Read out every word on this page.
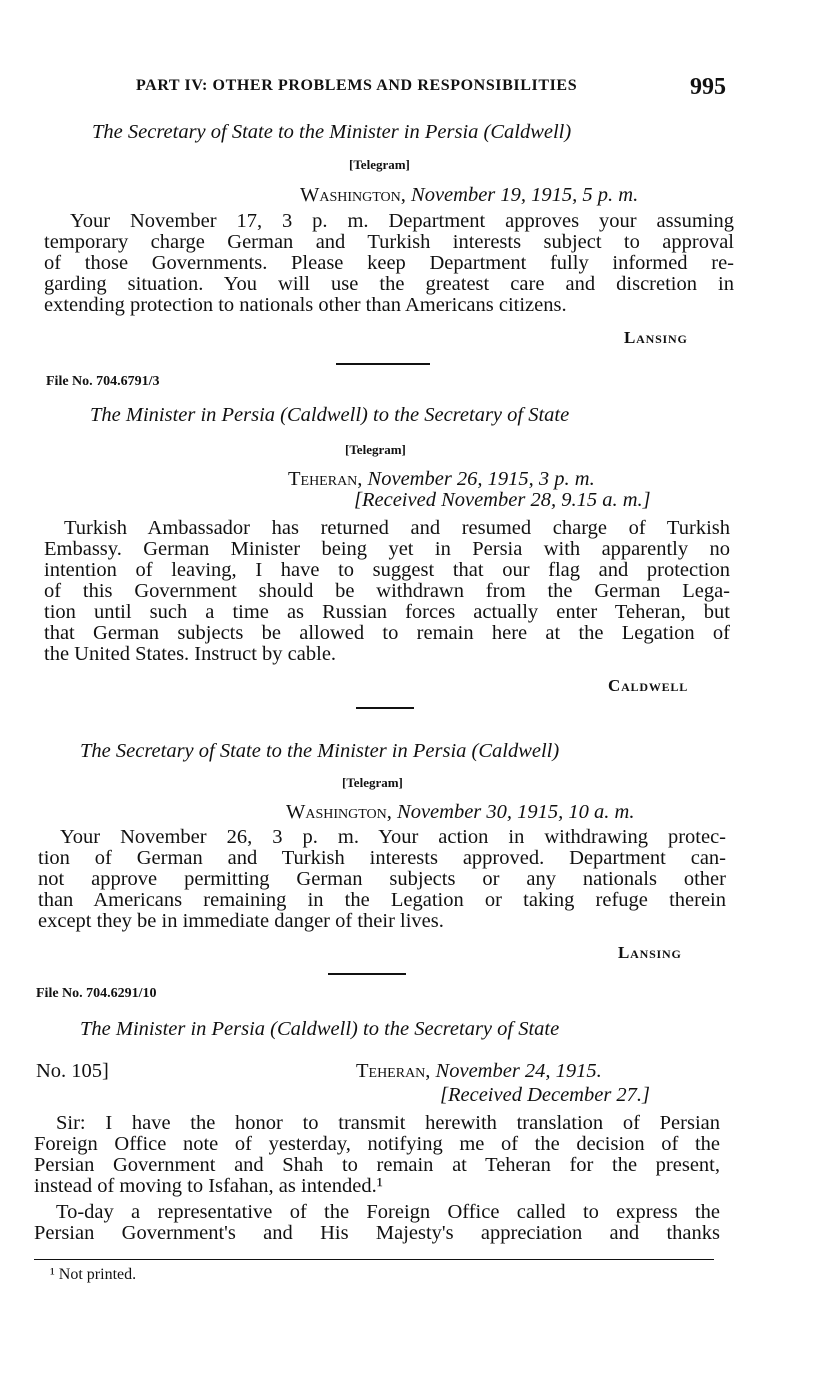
PART IV: OTHER PROBLEMS AND RESPONSIBILITIES	995
The Secretary of State to the Minister in Persia (Caldwell)
[Telegram]
Washington, November 19, 1915, 5 p. m.
Your November 17, 3 p. m. Department approves your assuming
temporary charge German and Turkish interests subject to approval
of those Governments. Please keep Department fully informed re-
garding situation. You will use the greatest care and discretion in
extending protection to nationals other than Americans citizens.
Lansing
File No. 704.6791/3
The Minister in Persia (Caldwell) to the Secretary of State
[Telegram]
Teheran, November 26, 1915, 3 p. m.
[Received November 28, 9.15 a. m.]
Turkish Ambassador has returned and resumed charge of Turkish
Embassy. German Minister being yet in Persia with apparently no
intention of leaving, I have to suggest that our flag and protection
of this Government should be withdrawn from the German Lega-
tion until such a time as Russian forces actually enter Teheran, but
that German subjects be allowed to remain here at the Legation of
the United States. Instruct by cable.
Caldwell
The Secretary of State to the Minister in Persia (Caldwell)
[Telegram]
Washington, November 30, 1915, 10 a. m.
Your November 26, 3 p. m. Your action in withdrawing protec-
tion of German and Turkish interests approved. Department can-
not approve permitting German subjects or any nationals other
than Americans remaining in the Legation or taking refuge therein
except they be in immediate danger of their lives.
Lansing
File No. 704.6291/10
The Minister in Persia (Caldwell) to the Secretary of State
No. 105]	Teheran, November 24, 1915.
[Received December 27.]
Sir: I have the honor to transmit herewith translation of Persian
Foreign Office note of yesterday, notifying me of the decision of the
Persian Government and Shah to remain at Teheran for the present,
instead of moving to Isfahan, as intended.¹
To-day a representative of the Foreign Office called to express the
Persian Government's and His Majesty's appreciation and thanks
¹ Not printed.
